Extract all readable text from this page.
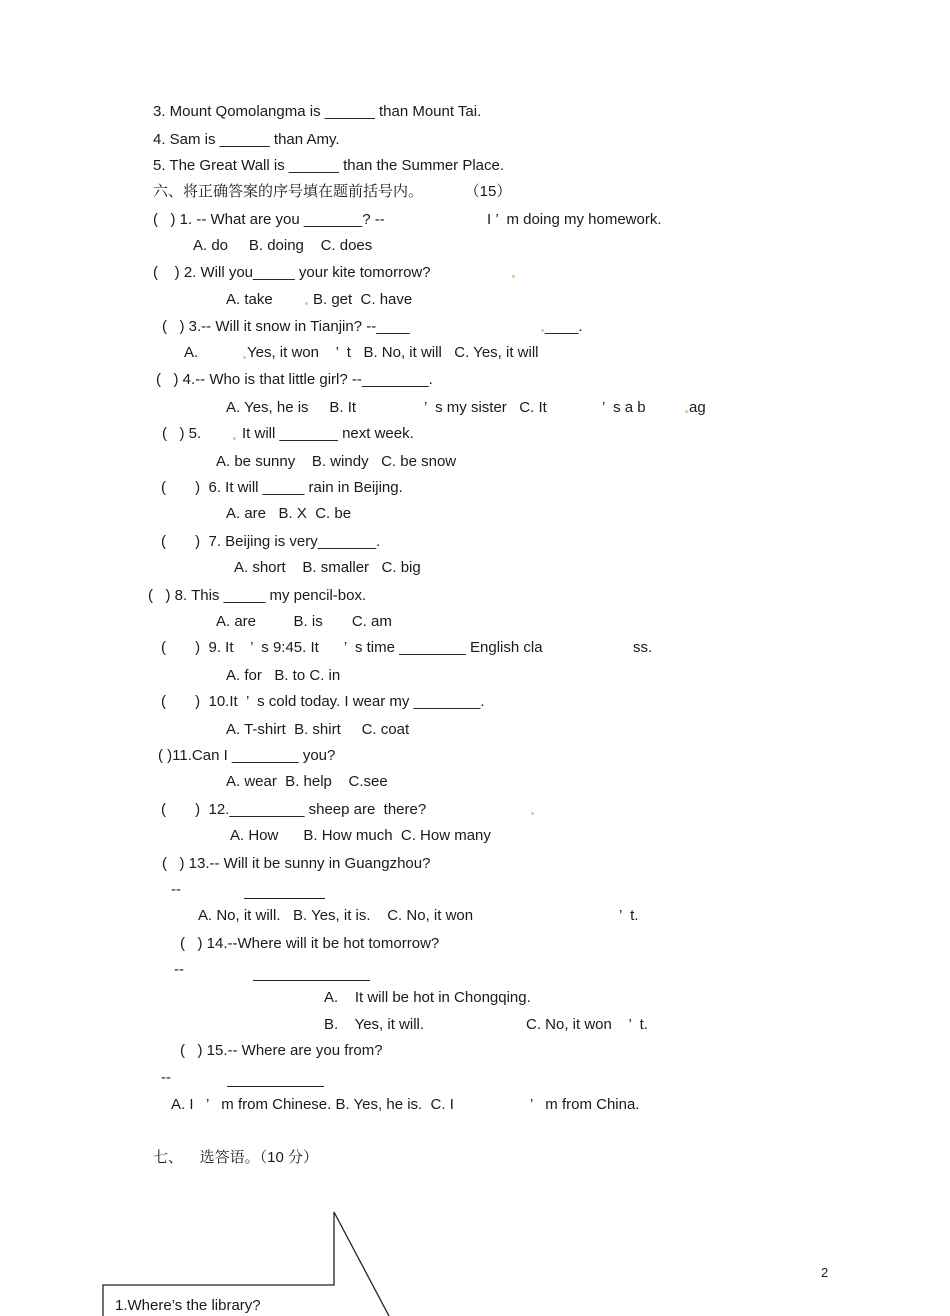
3. Mount Qomolangma is ______ than Mount Tai.
4. Sam is ______ than Amy.
5. The Great Wall is ______ than the Summer Place.
六、将正确答案的序号填在题前括号内。          （15）
(   ) 1. -- What are you _______? --	I ’  m doing my homework.
A. do     B. doing    C. does
(    ) 2. Will you_____ your kite tomorrow?
A. take	B. get  C. have
(   ) 3.-- Will it snow in Tianjin? --____	____.
A.	Yes, it won    ’  t   B. No, it will   C. Yes, it will
(   ) 4.-- Who is that little girl? --________.
A. Yes, he is     B. It	’  s my sister   C. It	’  s a b	ag
(   ) 5.	It will _______ next week.
A. be sunny    B. windy   C. be snow
(       )  6. It will _____ rain in Beijing.
A. are   B. X  C. be
(       )  7. Beijing is very_______.
A. short    B. smaller   C. big
(   ) 8. This _____ my pencil-box.
A. are         B. is       C. am
(       )  9. It    ’  s 9:45. It      ’  s time ________ English cla	ss.
A. for   B. to C. in
(       )  10.It  ’  s cold today. I wear my ________.
A. T-shirt  B. shirt     C. coat
( )11.Can I ________ you?
A. wear  B. help    C.see
(       )  12._________ sheep are  there?
A. How      B. How much  C. How many
(   ) 13.-- Will it be sunny in Guangzhou?
--
A. No, it will.   B. Yes, it is.    C. No, it won	’  t.
(   ) 14.--Where will it be hot tomorrow?
--
A.    It will be hot in Chongqing.
B.    Yes, it will.	C. No, it won    ’  t.
(   ) 15.-- Where are you from?
--
A. I   ’   m from Chinese. B. Yes, he is.  C. I	’   m from China.
七、    选答语。（10 分）
1.Where’s the library?
2
